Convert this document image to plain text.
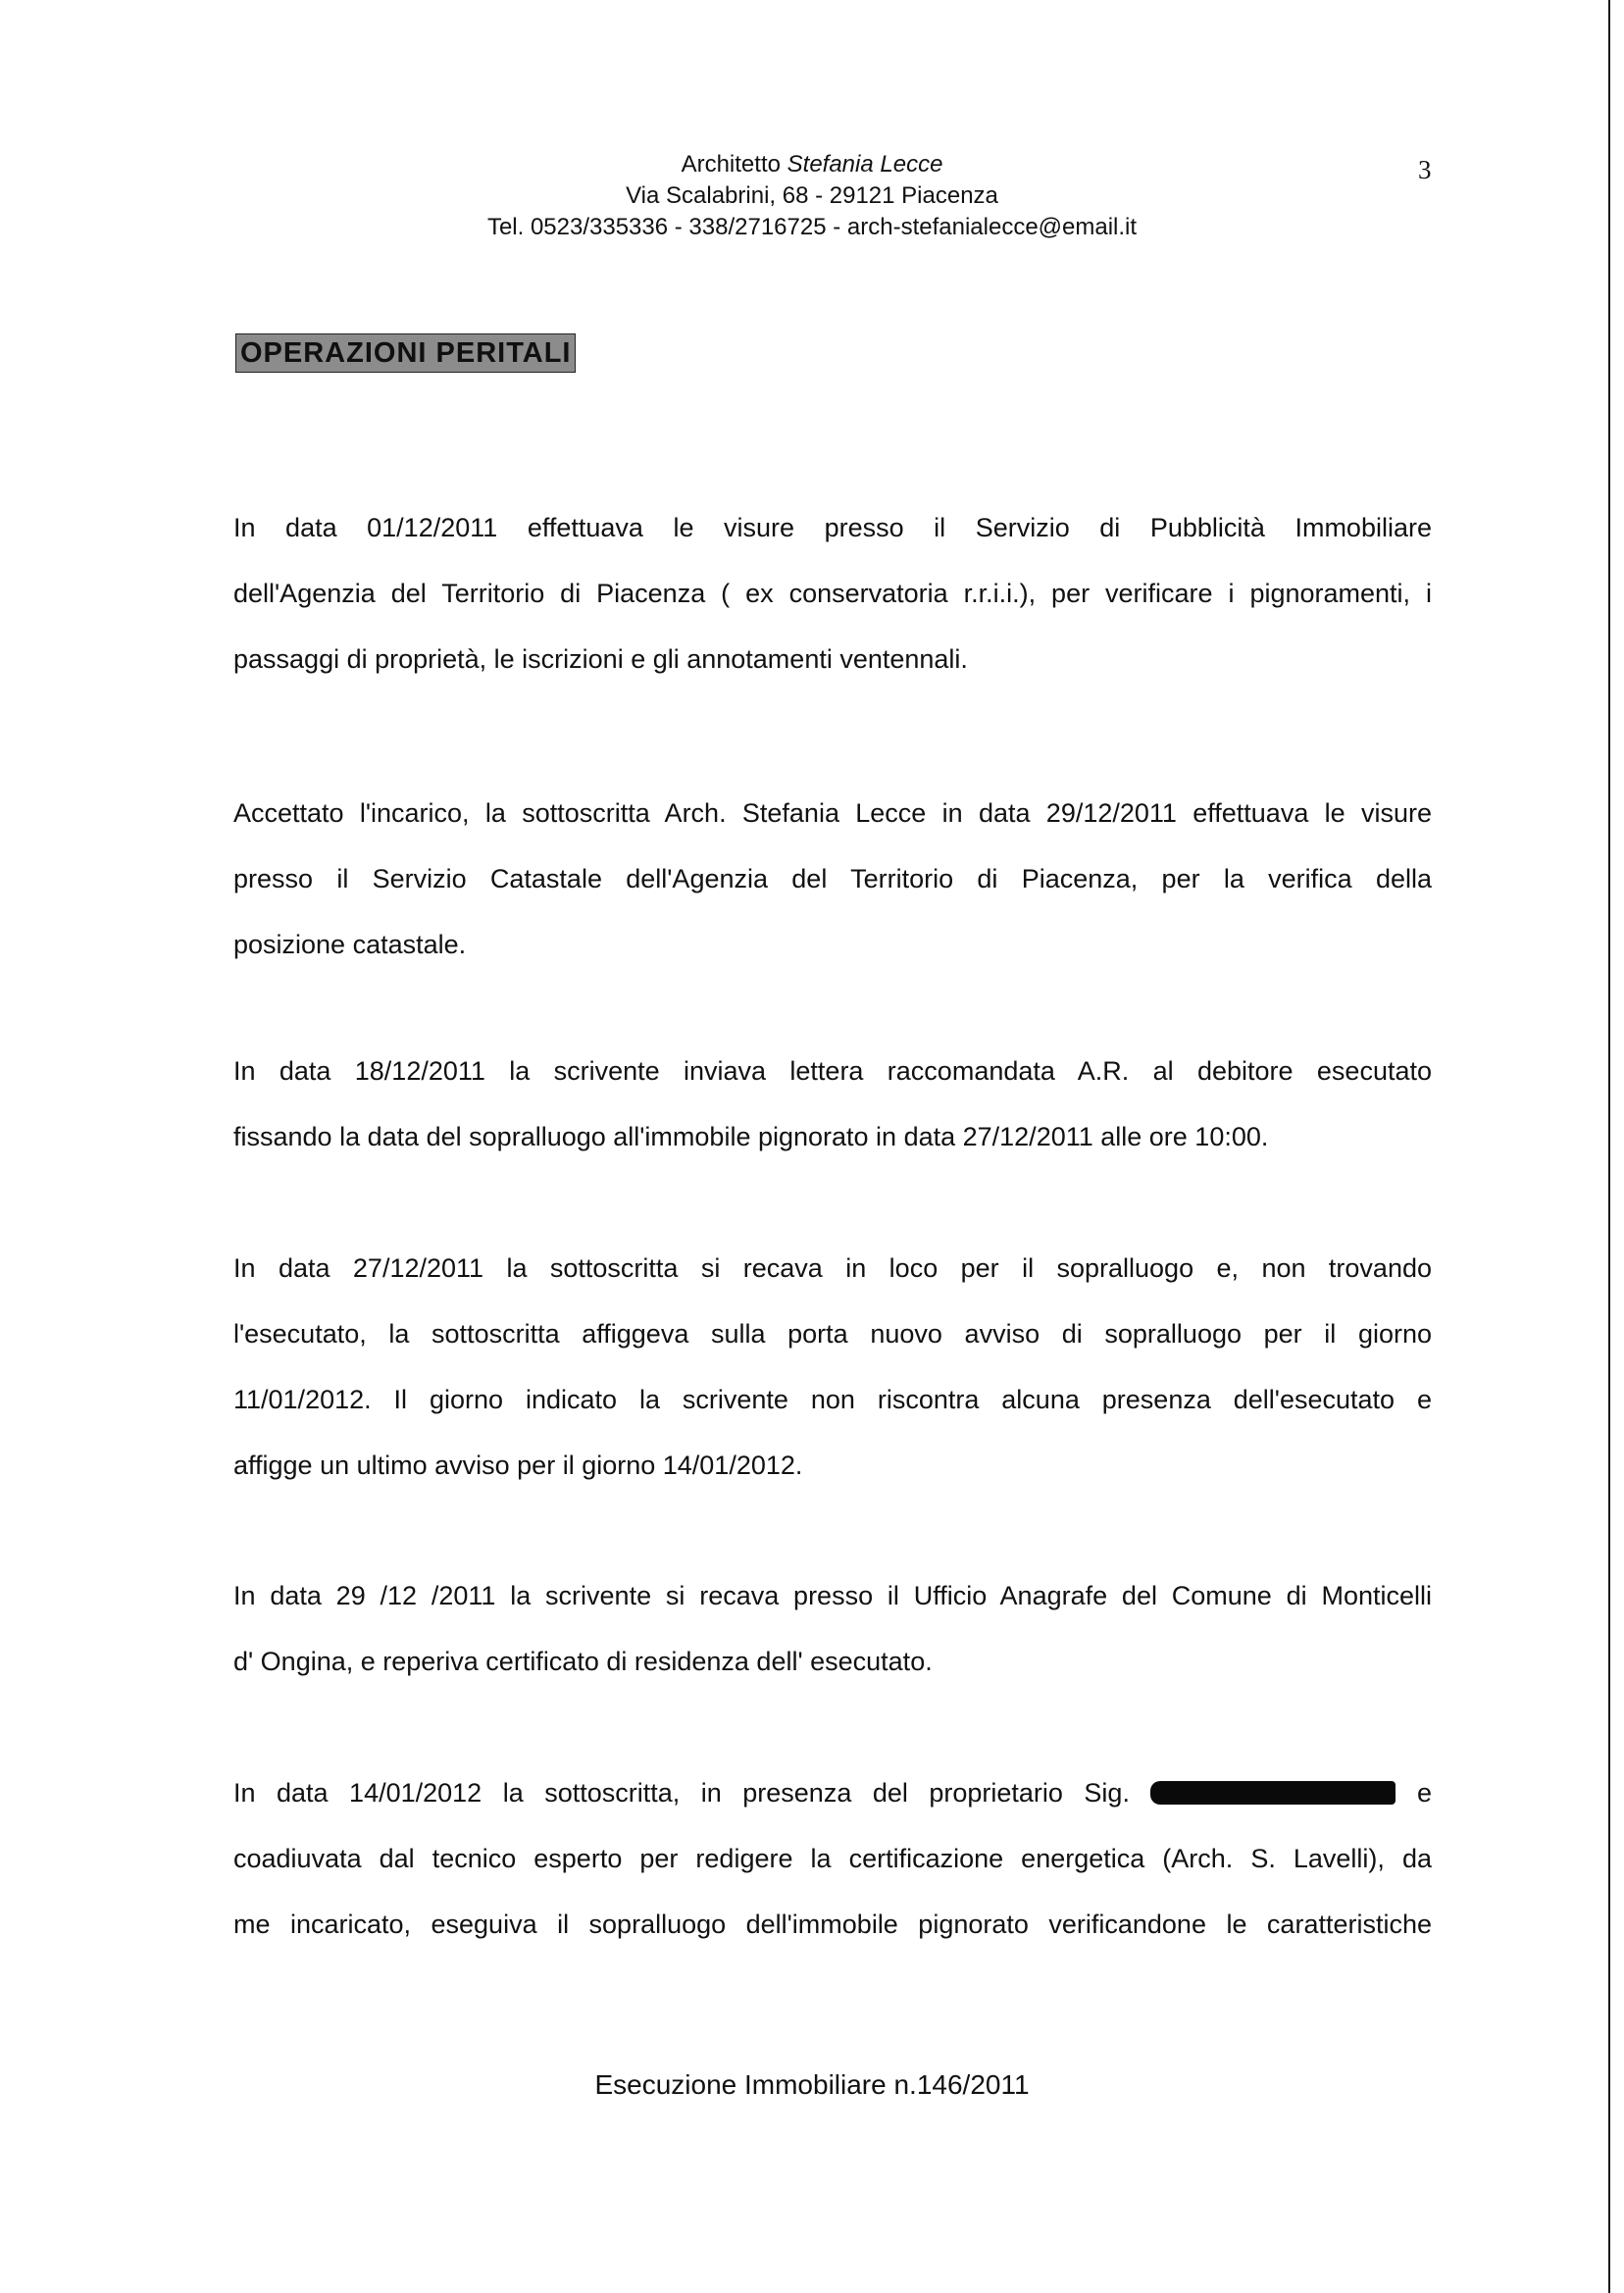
Architetto Stefania Lecce
Via Scalabrini, 68 - 29121 Piacenza
Tel. 0523/335336 - 338/2716725 - arch-stefanialecce@email.it
3
OPERAZIONI PERITALI
In data 01/12/2011 effettuava le visure presso il Servizio di Pubblicità Immobiliare
dell'Agenzia del Territorio di Piacenza ( ex conservatoria r.r.i.i.), per verificare i pignoramenti, i
passaggi di proprietà, le iscrizioni e gli annotamenti ventennali.
Accettato l'incarico, la sottoscritta Arch. Stefania Lecce in data 29/12/2011 effettuava le visure
presso il Servizio Catastale dell'Agenzia del Territorio di Piacenza, per la verifica della
posizione catastale.
In data 18/12/2011 la scrivente inviava lettera raccomandata A.R. al debitore esecutato
fissando la data del sopralluogo all'immobile pignorato in data 27/12/2011 alle ore 10:00.
In data 27/12/2011 la sottoscritta si recava in loco per il sopralluogo e, non trovando
l'esecutato, la sottoscritta affiggeva sulla porta nuovo avviso di sopralluogo per il giorno
11/01/2012. Il giorno indicato la scrivente non riscontra alcuna presenza dell'esecutato e
affigge un ultimo avviso per il giorno 14/01/2012.
In data 29 /12 /2011 la scrivente si recava presso il Ufficio Anagrafe del Comune di Monticelli
d' Ongina, e reperiva certificato di residenza dell' esecutato.
In data 14/01/2012 la sottoscritta, in presenza del proprietario Sig.	e
coadiuvata dal tecnico esperto per redigere la certificazione energetica (Arch. S. Lavelli), da
me incaricato, eseguiva il sopralluogo dell'immobile pignorato verificandone le caratteristiche
Esecuzione Immobiliare n.146/2011
